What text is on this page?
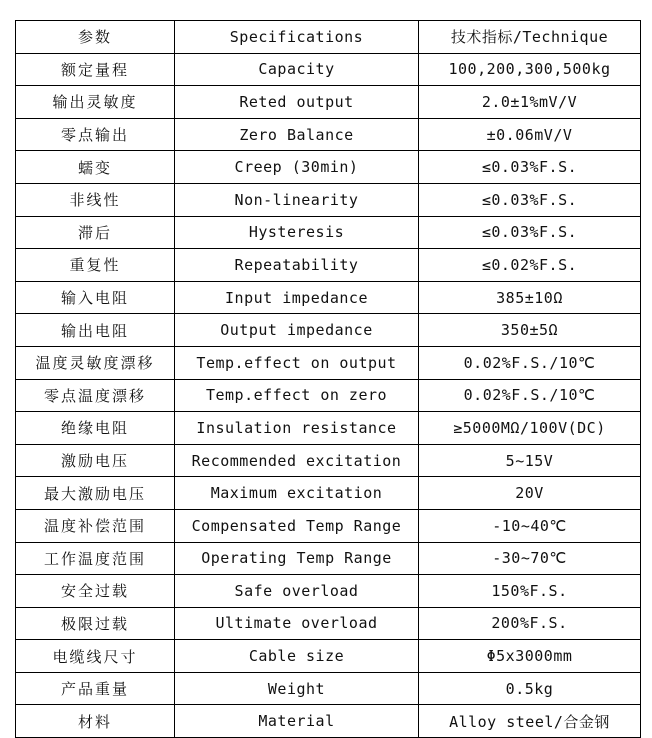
参数	Specifications	技术指标/Technique
额定量程	Capacity	100,200,300,500kg
输出灵敏度	Reted output	2.0±1%mV/V
零点输出	Zero Balance	±0.06mV/V
蠕变	Creep (30min)	≤0.03%F.S.
非线性	Non-linearity	≤0.03%F.S.
滞后	Hysteresis	≤0.03%F.S.
重复性	Repeatability	≤0.02%F.S.
输入电阻	Input impedance	385±10Ω
输出电阻	Output impedance	350±5Ω
温度灵敏度漂移	Temp.effect on output	0.02%F.S./10℃
零点温度漂移	Temp.effect on zero	0.02%F.S./10℃
绝缘电阻	Insulation resistance	≥5000MΩ/100V(DC)
激励电压	Recommended excitation	5~15V
最大激励电压	Maximum excitation	20V
温度补偿范围	Compensated Temp Range	-10~40℃
工作温度范围	Operating Temp Range	-30~70℃
安全过载	Safe overload	150%F.S.
极限过载	Ultimate overload	200%F.S.
电缆线尺寸	Cable size	Φ5x3000mm
产品重量	Weight	0.5kg
材料	Material	Alloy steel/合金钢
